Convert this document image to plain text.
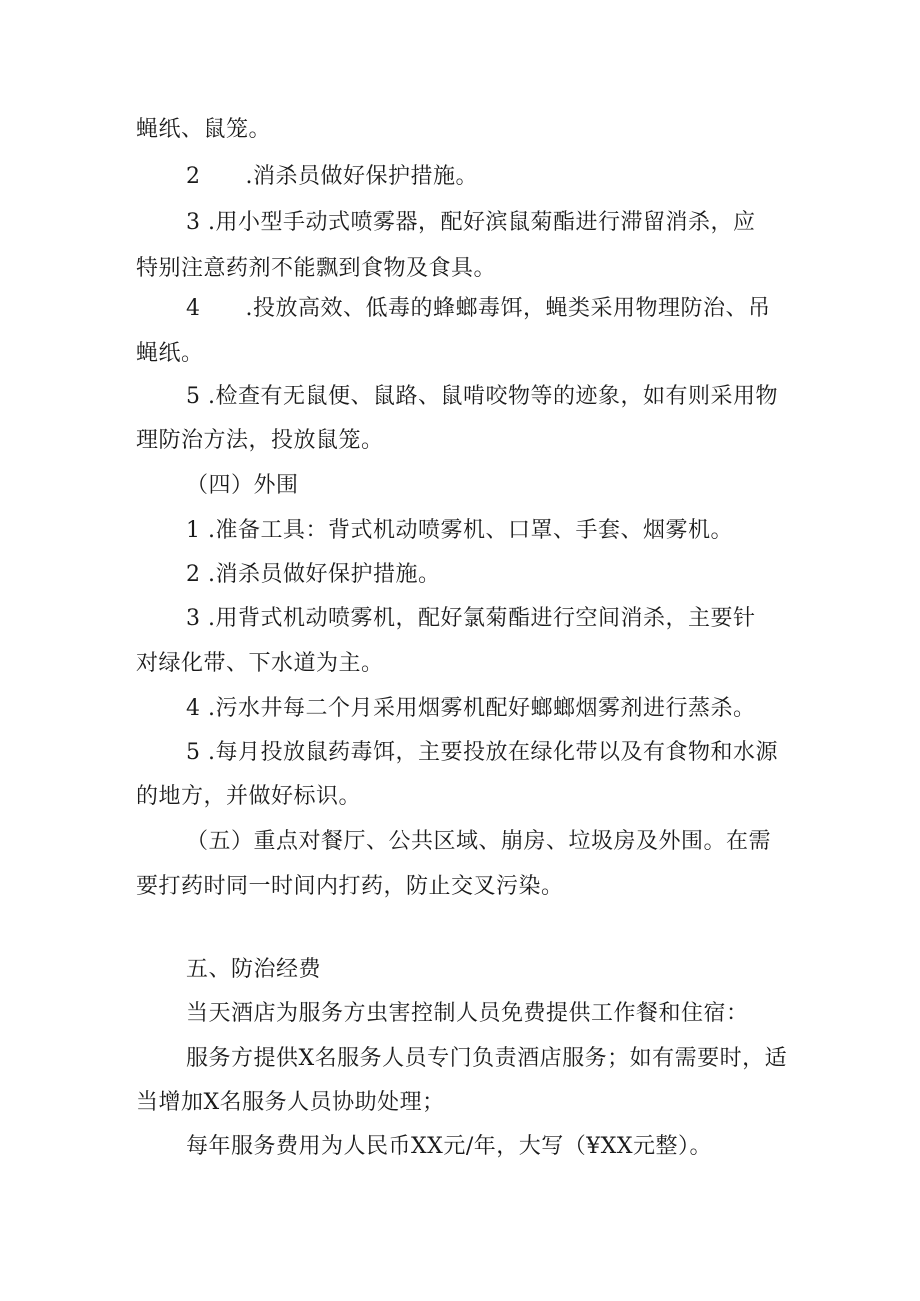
蝇纸、鼠笼。
2　　.消杀员做好保护措施。
3 .用小型手动式喷雾器，配好滨鼠菊酯进行滞留消杀，应
特别注意药剂不能飘到食物及食具。
4　　.投放高效、低毒的蜂螂毒饵，蝇类采用物理防治、吊
蝇纸。
5 .检查有无鼠便、鼠路、鼠啃咬物等的迹象，如有则采用物
理防治方法，投放鼠笼。
（四）外围
1 .准备工具：背式机动喷雾机、口罩、手套、烟雾机。
2 .消杀员做好保护措施。
3 .用背式机动喷雾机，配好氯菊酯进行空间消杀，主要针
对绿化带、下水道为主。
4 .污水井每二个月采用烟雾机配好螂螂烟雾剂进行蒸杀。
5 .每月投放鼠药毒饵，主要投放在绿化带以及有食物和水源
的地方，并做好标识。
（五）重点对餐厅、公共区域、崩房、垃圾房及外围。在需
要打药时同一时间内打药，防止交叉污染。
五、防治经费
当天酒店为服务方虫害控制人员免费提供工作餐和住宿：
服务方提供X名服务人员专门负责酒店服务；如有需要时，适
当增加X名服务人员协助处理；
每年服务费用为人民币XX元/年，大写（¥XX元整）。
